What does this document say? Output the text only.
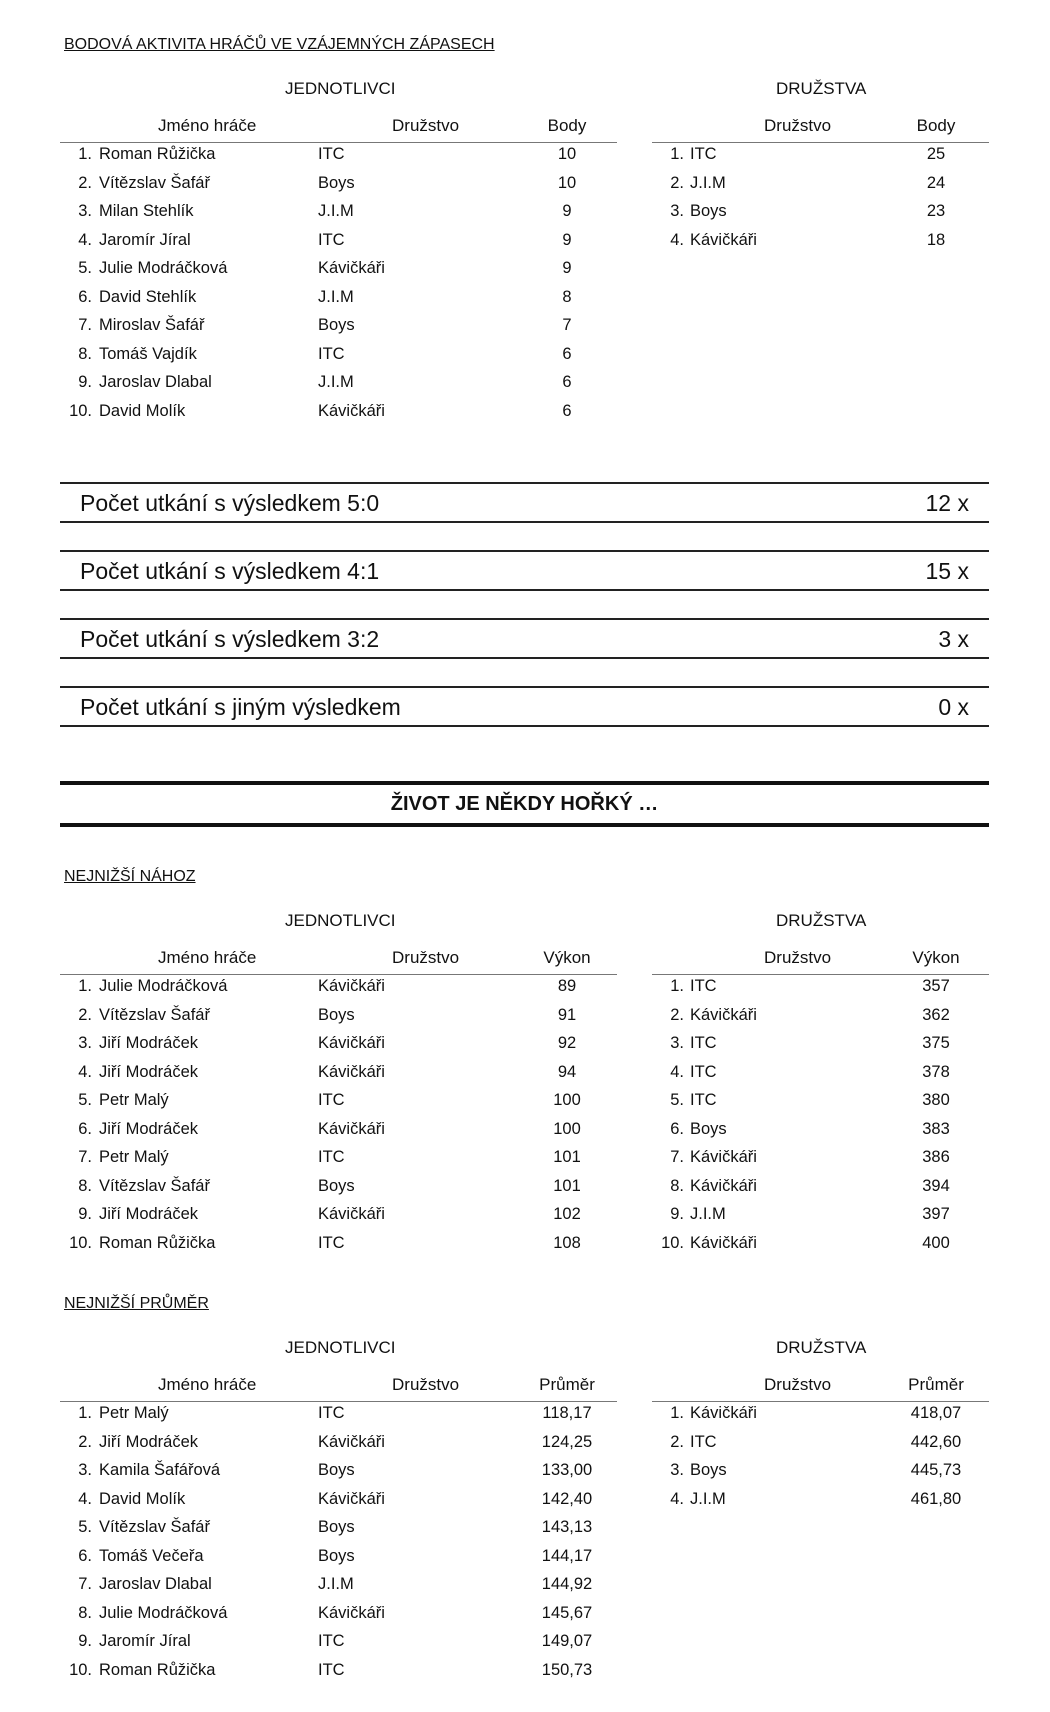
BODOVÁ AKTIVITA HRÁČŮ VE VZÁJEMNÝCH ZÁPASECH
JEDNOTLIVCI	DRUŽSTVA
Jméno hráče	Družstvo	Body
1. Roman Růžička	ITC	10
2. Vítězslav Šafář	Boys	10
3. Milan Stehlík	J.I.M	9
4. Jaromír Jíral	ITC	9
5. Julie Modráčková	Kávičkáři	9
6. David Stehlík	J.I.M	8
7. Miroslav Šafář	Boys	7
8. Tomáš Vajdík	ITC	6
9. Jaroslav Dlabal	J.I.M	6
10. David Molík	Kávičkáři	6
Družstvo	Body
1. ITC	25
2. J.I.M	24
3. Boys	23
4. Kávičkáři	18
Počet utkání s výsledkem 5:0	12 x
Počet utkání s výsledkem 4:1	15 x
Počet utkání s výsledkem 3:2	3 x
Počet utkání s jiným výsledkem	0 x
ŽIVOT JE NĚKDY HOŘKÝ …
NEJNIŽŠÍ NÁHOZ
JEDNOTLIVCI	DRUŽSTVA
Jméno hráče	Družstvo	Výkon
1. Julie Modráčková	Kávičkáři	89
2. Vítězslav Šafář	Boys	91
3. Jiří Modráček	Kávičkáři	92
4. Jiří Modráček	Kávičkáři	94
5. Petr Malý	ITC	100
6. Jiří Modráček	Kávičkáři	100
7. Petr Malý	ITC	101
8. Vítězslav Šafář	Boys	101
9. Jiří Modráček	Kávičkáři	102
10. Roman Růžička	ITC	108
Družstvo	Výkon
1. ITC	357
2. Kávičkáři	362
3. ITC	375
4. ITC	378
5. ITC	380
6. Boys	383
7. Kávičkáři	386
8. Kávičkáři	394
9. J.I.M	397
10. Kávičkáři	400
NEJNIŽŠÍ PRŮMĚR
JEDNOTLIVCI	DRUŽSTVA
Jméno hráče	Družstvo	Průměr
1. Petr Malý	ITC	118,17
2. Jiří Modráček	Kávičkáři	124,25
3. Kamila Šafářová	Boys	133,00
4. David Molík	Kávičkáři	142,40
5. Vítězslav Šafář	Boys	143,13
6. Tomáš Večeřa	Boys	144,17
7. Jaroslav Dlabal	J.I.M	144,92
8. Julie Modráčková	Kávičkáři	145,67
9. Jaromír Jíral	ITC	149,07
10. Roman Růžička	ITC	150,73
Družstvo	Průměr
1. Kávičkáři	418,07
2. ITC	442,60
3. Boys	445,73
4. J.I.M	461,80
